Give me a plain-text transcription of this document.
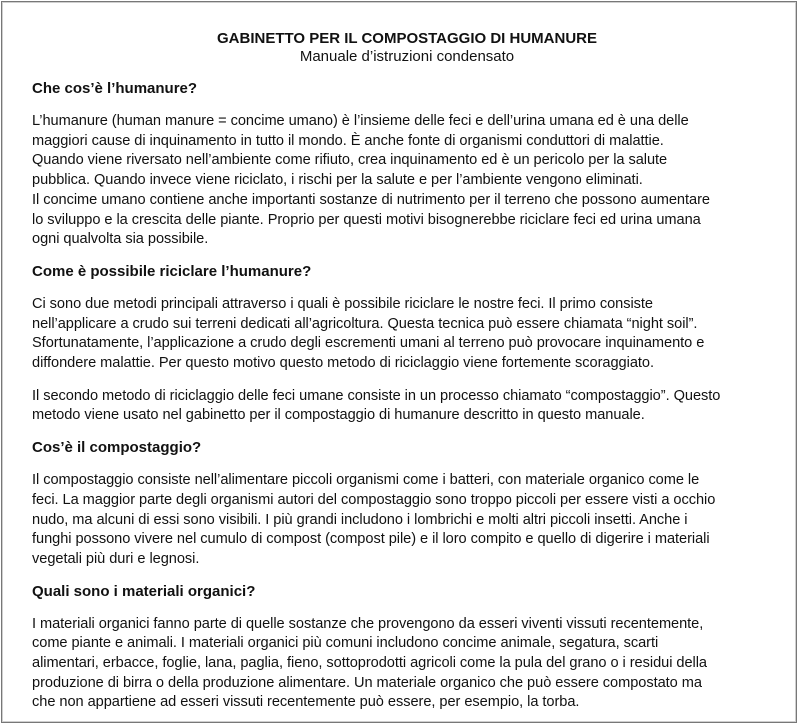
GABINETTO PER IL COMPOSTAGGIO DI HUMANURE
Manuale d’istruzioni condensato
Che cos’è l’humanure?
L’humanure (human manure = concime umano) è l’insieme delle feci e dell’urina umana ed è una delle
maggiori cause di inquinamento in tutto il mondo. È anche fonte di organismi conduttori di malattie.
Quando viene riversato nell’ambiente come rifiuto, crea inquinamento ed è un pericolo per la salute
pubblica. Quando invece viene riciclato, i rischi per la salute e per l’ambiente vengono eliminati.
Il concime umano contiene anche importanti sostanze di nutrimento per il terreno che possono aumentare
lo sviluppo e la crescita delle piante. Proprio per questi motivi bisognerebbe riciclare feci ed urina umana
ogni qualvolta sia possibile.
Come è possibile riciclare l’humanure?
Ci sono due metodi principali attraverso i quali è possibile riciclare le nostre feci. Il primo consiste
nell’applicare a crudo sui terreni dedicati all’agricoltura. Questa tecnica può essere chiamata “night soil”.
Sfortunatamente, l’applicazione a crudo degli escrementi umani al terreno può provocare inquinamento e
diffondere malattie. Per questo motivo questo metodo di riciclaggio viene fortemente scoraggiato.
Il secondo metodo di riciclaggio delle feci umane consiste in un processo chiamato “compostaggio”. Questo
metodo viene usato nel gabinetto per il compostaggio di humanure descritto in questo manuale.
Cos’è il compostaggio?
Il compostaggio consiste nell’alimentare piccoli organismi come i batteri, con materiale organico come le
feci. La maggior parte degli organismi autori del compostaggio sono troppo piccoli per essere visti a occhio
nudo, ma alcuni di essi sono visibili. I più grandi includono i lombrichi e molti altri piccoli insetti. Anche i
funghi possono vivere nel cumulo di compost (compost pile) e il loro compito e quello di digerire i materiali
vegetali più duri e legnosi.
Quali sono i materiali organici?
I materiali organici fanno parte di quelle sostanze che provengono da esseri viventi vissuti recentemente,
come piante e animali. I materiali organici più comuni includono concime animale, segatura, scarti
alimentari, erbacce, foglie, lana, paglia, fieno, sottoprodotti agricoli come la pula del grano o i residui della
produzione di birra o della produzione alimentare. Un materiale organico che può essere compostato ma
che non appartiene ad esseri vissuti recentemente può essere, per esempio, la torba.
